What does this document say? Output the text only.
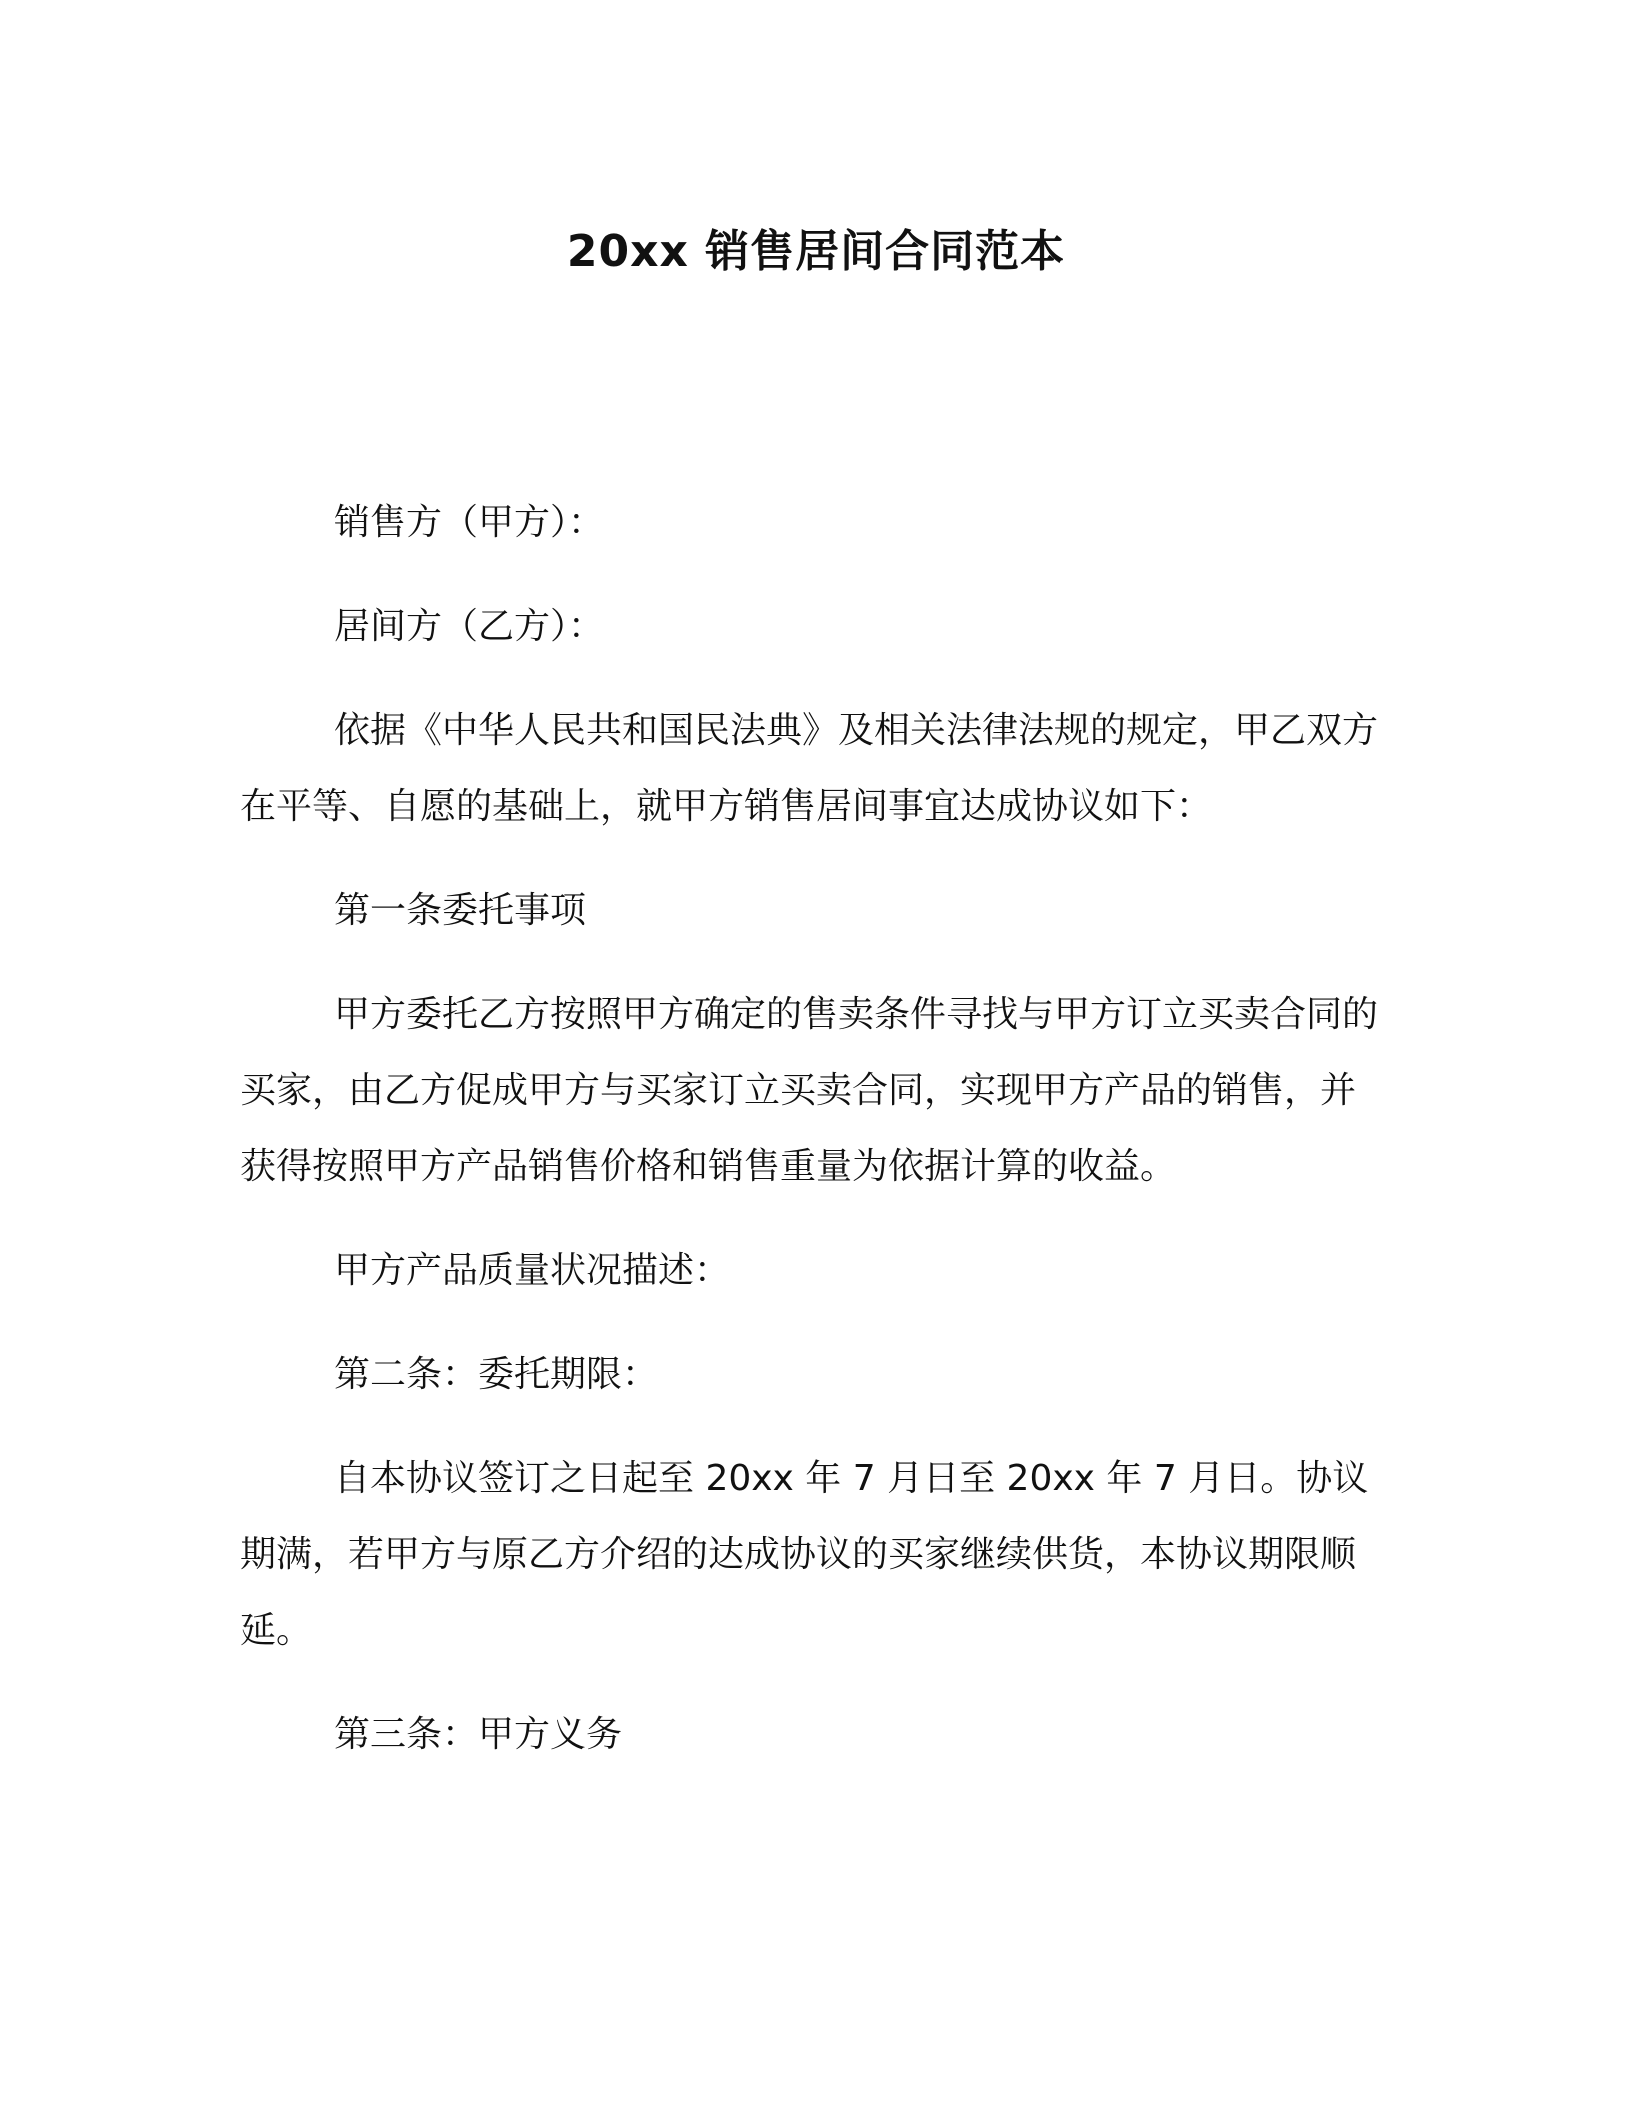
20xx 销售居间合同范本

销售方（甲方）：

居间方（乙方）：

依据《中华人民共和国民法典》及相关法律法规的规定，甲乙双方在平等、自愿的基础上，就甲方销售居间事宜达成协议如下：

第一条委托事项

甲方委托乙方按照甲方确定的售卖条件寻找与甲方订立买卖合同的买家，由乙方促成甲方与买家订立买卖合同，实现甲方产品的销售，并获得按照甲方产品销售价格和销售重量为依据计算的收益。

甲方产品质量状况描述：

第二条：委托期限：

自本协议签订之日起至 20xx 年 7 月日至 20xx 年 7 月日。协议期满，若甲方与原乙方介绍的达成协议的买家继续供货，本协议期限顺延。

第三条：甲方义务
